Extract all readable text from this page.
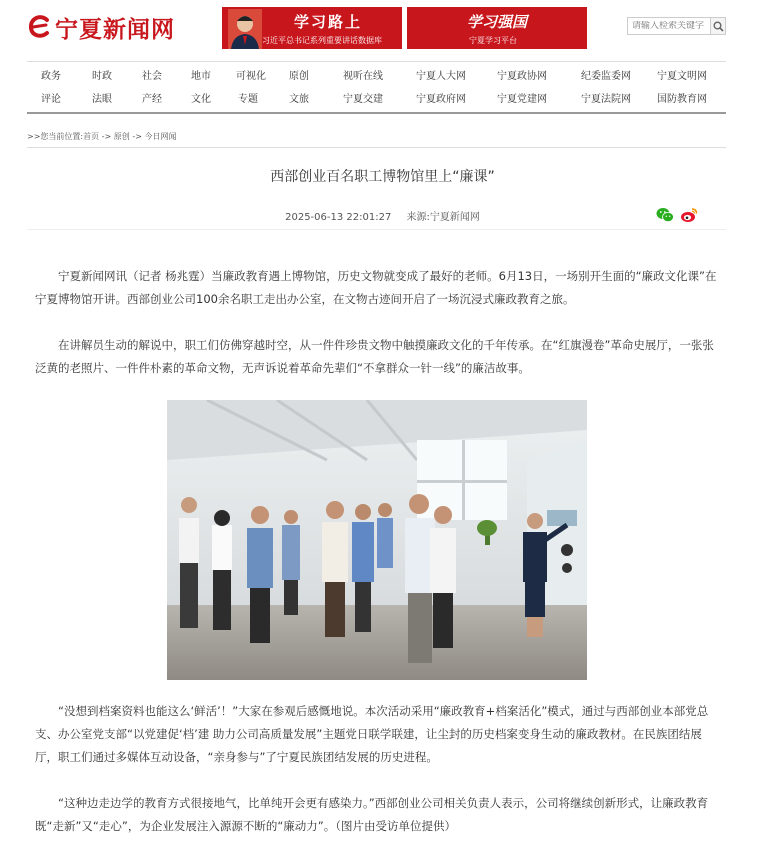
宁夏新闻网	学习路上
习近平总书记系列重要讲话数据库
学习强国
宁夏学习平台
请输入检索关键字
政务	时政	社会	地市	可视化 原创	视听在线	宁夏人大网	宁夏政协网	纪委监委网	宁夏文明网
评论	法眼	产经	文化	专题	文旅	宁夏交建	宁夏政府网	宁夏党建网	宁夏法院网	国防教育网
>>您当前位置:首页 -> 原创 -> 今日网闻
西部创业百名职工博物馆里上“廉课”
2025-06-13 22:01:27 来源:宁夏新闻网

宁夏新闻网讯（记者 杨兆霆）当廉政教育遇上博物馆，历史文物就变成了最好的老师。6月13日，一场别开生面的“廉政文化课”在宁夏博物馆开讲。西部创业公司100余名职工走出办公室，在文物古迹间开启了一场沉浸式廉政教育之旅。

在讲解员生动的解说中，职工们仿佛穿越时空，从一件件珍贵文物中触摸廉政文化的千年传承。在“红旗漫卷”革命史展厅，一张张泛黄的老照片、一件件朴素的革命文物，无声诉说着革命先辈们“不拿群众一针一线”的廉洁故事。

“没想到档案资料也能这么‘鲜活’！”大家在参观后感慨地说。本次活动采用“廉政教育+档案活化”模式，通过与西部创业本部党总支、办公室党支部“以党建促‘档’建 助力公司高质量发展”主题党日联学联建，让尘封的历史档案变身生动的廉政教材。在民族团结展厅，职工们通过多媒体互动设备，“亲身参与”了宁夏民族团结发展的历史进程。

“这种边走边学的教育方式很接地气，比单纯开会更有感染力。”西部创业公司相关负责人表示，公司将继续创新形式，让廉政教育既“走新”又“走心”，为企业发展注入源源不断的“廉动力”。（图片由受访单位提供）
